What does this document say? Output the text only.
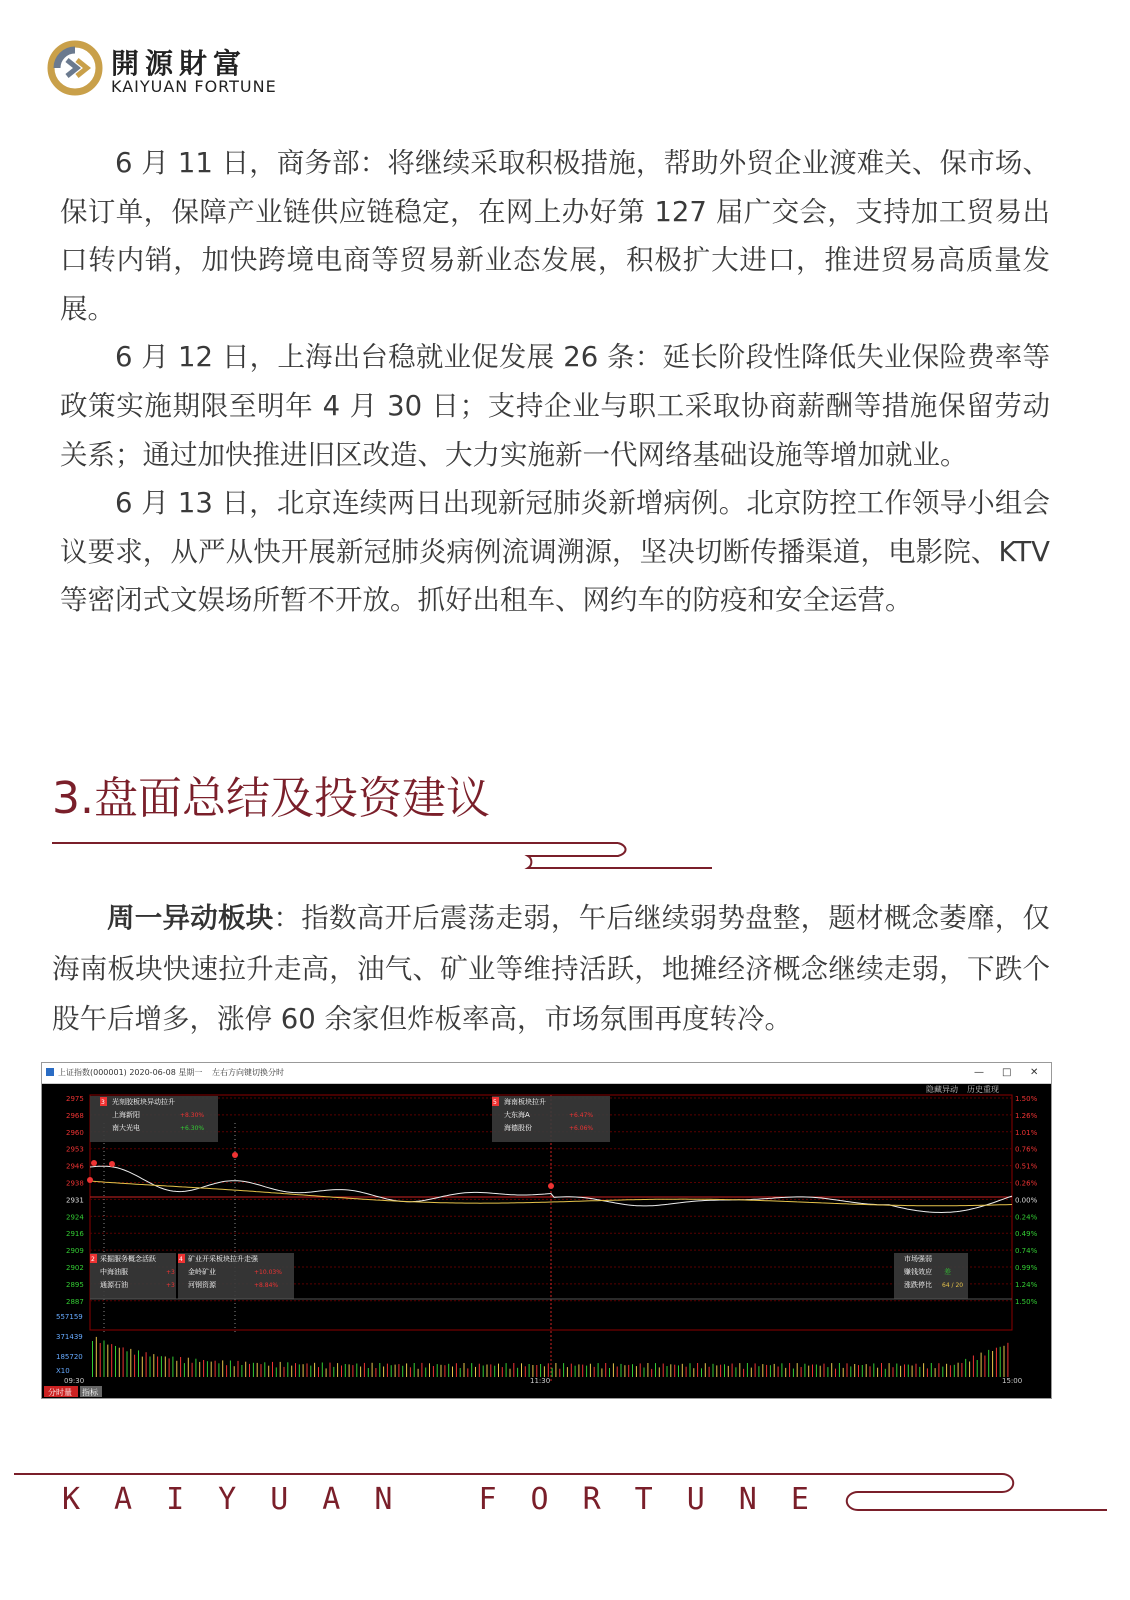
開源財富
KAIYUAN FORTUNE

6 月 11 日，商务部：将继续采取积极措施，帮助外贸企业渡难关、保市场、保订单，保障产业链供应链稳定，在网上办好第 127 届广交会，支持加工贸易出口转内销，加快跨境电商等贸易新业态发展，积极扩大进口，推进贸易高质量发展。

6 月 12 日，上海出台稳就业促发展 26 条：延长阶段性降低失业保险费率等政策实施期限至明年 4 月 30 日；支持企业与职工采取协商薪酬等措施保留劳动关系；通过加快推进旧区改造、大力实施新一代网络基础设施等增加就业。

6 月 13 日，北京连续两日出现新冠肺炎新增病例。北京防控工作领导小组会议要求，从严从快开展新冠肺炎病例流调溯源，坚决切断传播渠道，电影院、KTV 等密闭式文娱场所暂不开放。抓好出租车、网约车的防疫和安全运营。

3.盘面总结及投资建议

周一异动板块：指数高开后震荡走弱，午后继续弱势盘整，题材概念萎靡，仅海南板块快速拉升走高，油气、矿业等维持活跃，地摊经济概念继续走弱，下跌个股午后增多，涨停 60 余家但炸板率高，市场氛围再度转冷。

上证指数(000001) 2020-06-08 星期一 左右方向键切换分时	— □ ✕
隐藏异动 历史重现
2975
2968
2960
2953
2946
2938
2931
2924
2916
2909
2902
2895
2887
1.50%
1.26%
1.01%
0.76%
0.51%
0.26%
0.00%
0.24%
0.49%
0.74%
0.99%
1.24%
1.50%
3 光刻胶板块异动拉升
上海新阳	+8.30%
南大光电	+6.30%
5 海南板块拉升
大东海A	+6.47%
海德股份	+6.06%
2 采掘服务概念活跃
中海油服	+3
通源石油	+3
4 矿业开采板块拉升走强
金岭矿业	+10.03%
河钢资源	+8.84%
市场强弱
赚钱效应 差
涨跌停比 64 / 20
557159
371439
185720
X10
09:30	11:30	15:00
分时量 指标
KAIYUAN FORTUNE
